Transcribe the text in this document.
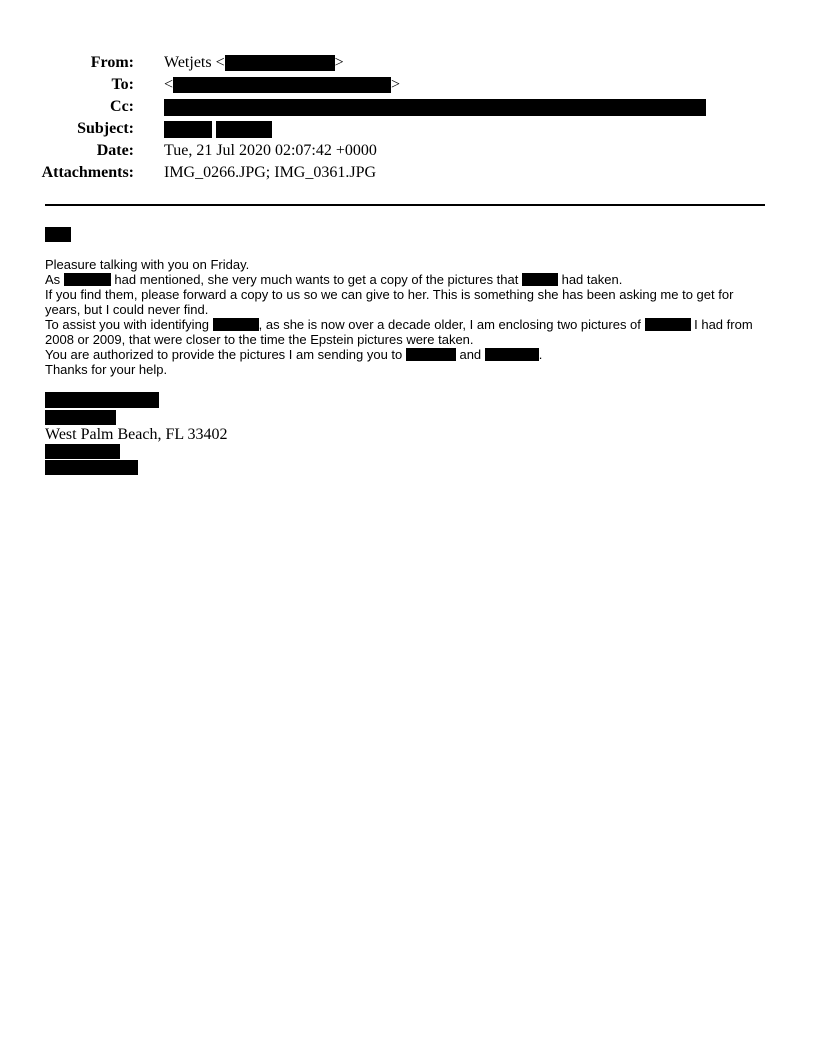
From: Wetjets <	>
To: <	>
Cc:
Subject:
Date: Tue, 21 Jul 2020 02:07:42 +0000
Attachments: IMG_0266.JPG; IMG_0361.JPG
Pleasure talking with you on Friday.
As	had mentioned, she very much wants to get a copy of the pictures that	had taken.
If you find them, please forward a copy to us so we can give to her. This is something she has been asking me to get for
years, but I could never find.
To assist you with identifying	, as she is now over a decade older, I am enclosing two pictures of	I had from
2008 or 2009, that were closer to the time the Epstein pictures were taken.
You are authorized to provide the pictures I am sending you to	and	.
Thanks for your help.
West Palm Beach, FL 33402
